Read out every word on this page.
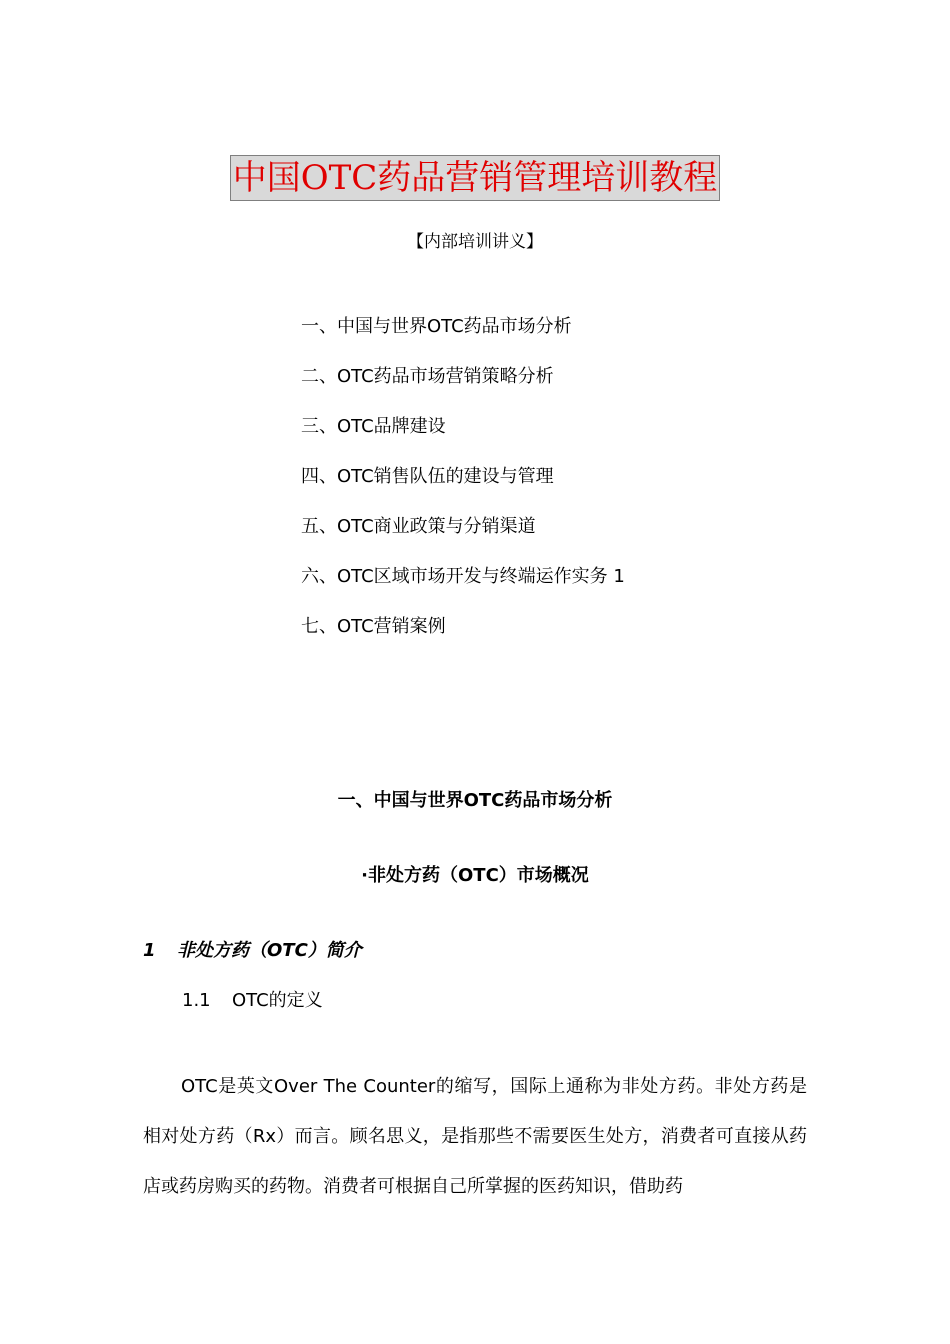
中国OTC药品营销管理培训教程
【内部培训讲义】
一、中国与世界OTC药品市场分析
二、OTC药品市场营销策略分析
三、OTC品牌建设
四、OTC销售队伍的建设与管理
五、OTC商业政策与分销渠道
六、OTC区域市场开发与终端运作实务 1
七、OTC营销案例
一、中国与世界OTC药品市场分析
·非处方药（OTC）市场概况
1 非处方药（OTC）简介
1.1 OTC的定义

OTC是英文Over The Counter的缩写，国际上通称为非处方药。非处方药是相对处方药（Rx）而言。顾名思义，是指那些不需要医生处方，消费者可直接从药店或药房购买的药物。消费者可根据自己所掌握的医药知识，借助药
